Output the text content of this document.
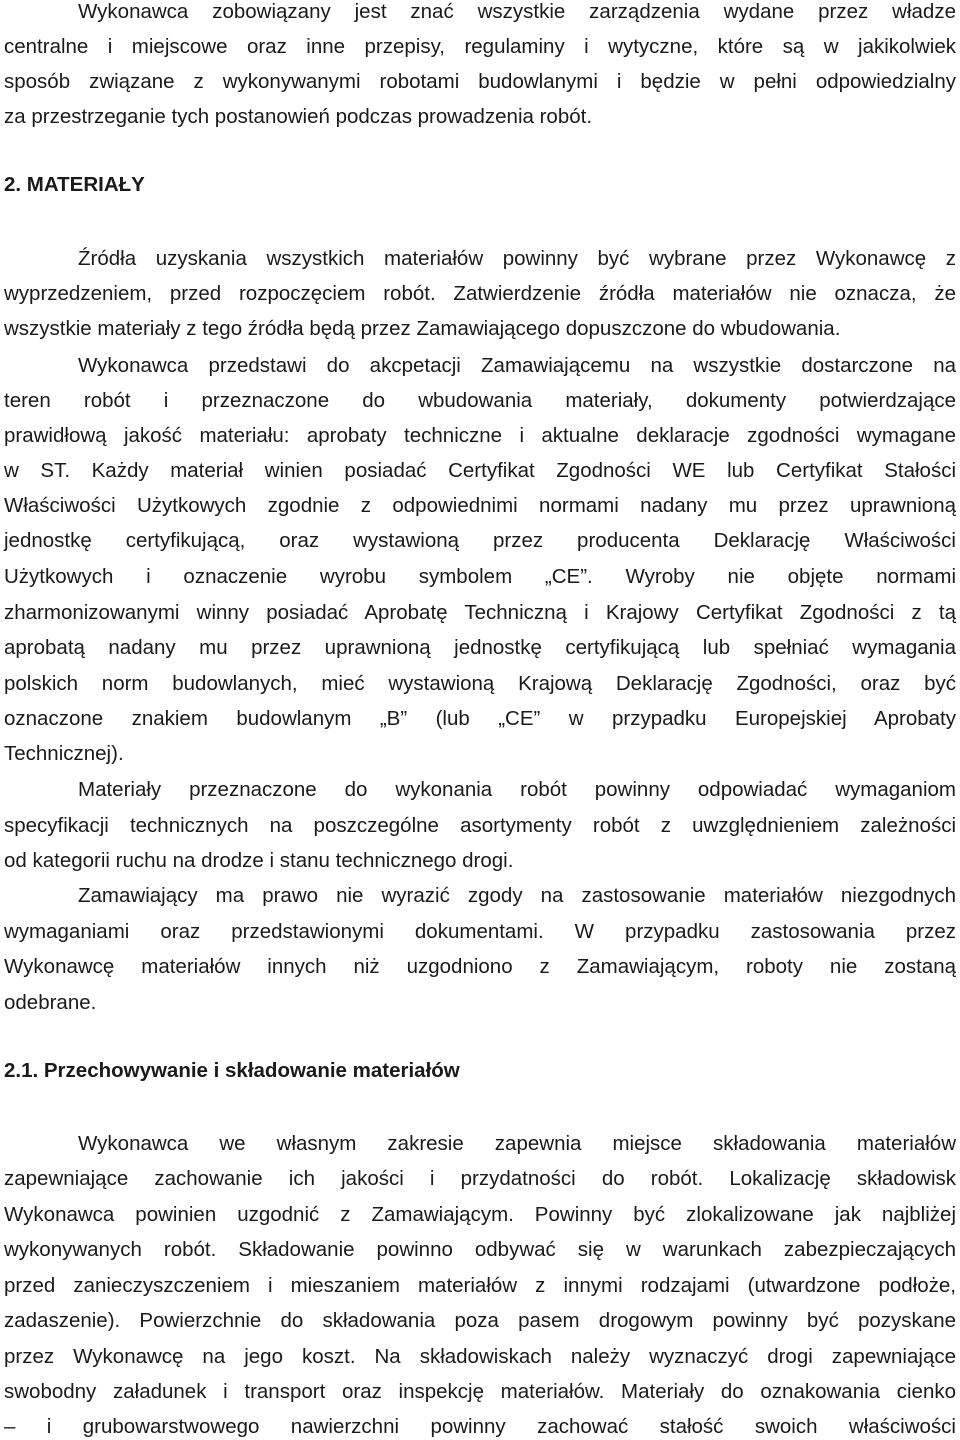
Wykonawca zobowiązany jest znać wszystkie zarządzenia wydane przez władze
centralne i miejscowe oraz inne przepisy, regulaminy i wytyczne, które są w jakikolwiek
sposób związane z wykonywanymi robotami budowlanymi i będzie w pełni odpowiedzialny
za przestrzeganie tych postanowień podczas prowadzenia robót.
2. MATERIAŁY
Źródła uzyskania wszystkich materiałów powinny być wybrane przez Wykonawcę z
wyprzedzeniem, przed rozpoczęciem robót. Zatwierdzenie źródła materiałów nie oznacza, że
wszystkie materiały z tego źródła będą przez Zamawiającego dopuszczone do wbudowania.
Wykonawca przedstawi do akcpetacji Zamawiającemu na wszystkie dostarczone na
teren robót i przeznaczone do wbudowania materiały, dokumenty potwierdzające
prawidłową jakość materiału: aprobaty techniczne i aktualne deklaracje zgodności wymagane
w ST. Każdy materiał winien posiadać Certyfikat Zgodności WE lub Certyfikat Stałości
Właściwości Użytkowych zgodnie z odpowiednimi normami nadany mu przez uprawnioną
jednostkę certyfikującą, oraz wystawioną przez producenta Deklarację Właściwości
Użytkowych i oznaczenie wyrobu symbolem „CE”. Wyroby nie objęte normami
zharmonizowanymi winny posiadać Aprobatę Techniczną i Krajowy Certyfikat Zgodności z tą
aprobatą nadany mu przez uprawnioną jednostkę certyfikującą lub spełniać wymagania
polskich norm budowlanych, mieć wystawioną Krajową Deklarację Zgodności, oraz być
oznaczone znakiem budowlanym „B” (lub „CE” w przypadku Europejskiej Aprobaty
Technicznej).
Materiały przeznaczone do wykonania robót powinny odpowiadać wymaganiom
specyfikacji technicznych na poszczególne asortymenty robót z uwzględnieniem zależności
od kategorii ruchu na drodze i stanu technicznego drogi.
Zamawiający ma prawo nie wyrazić zgody na zastosowanie materiałów niezgodnych
wymaganiami oraz przedstawionymi dokumentami. W przypadku zastosowania przez
Wykonawcę materiałów innych niż uzgodniono z Zamawiającym, roboty nie zostaną
odebrane.
2.1. Przechowywanie i składowanie materiałów
Wykonawca we własnym zakresie zapewnia miejsce składowania materiałów
zapewniające zachowanie ich jakości i przydatności do robót. Lokalizację składowisk
Wykonawca powinien uzgodnić z Zamawiającym. Powinny być zlokalizowane jak najbliżej
wykonywanych robót. Składowanie powinno odbywać się w warunkach zabezpieczających
przed zanieczyszczeniem i mieszaniem materiałów z innymi rodzajami (utwardzone podłoże,
zadaszenie). Powierzchnie do składowania poza pasem drogowym powinny być pozyskane
przez Wykonawcę na jego koszt. Na składowiskach należy wyznaczyć drogi zapewniające
swobodny załadunek i transport oraz inspekcję materiałów. Materiały do oznakowania cienko
– i grubowarstwowego nawierzchni powinny zachować stałość swoich właściwości
